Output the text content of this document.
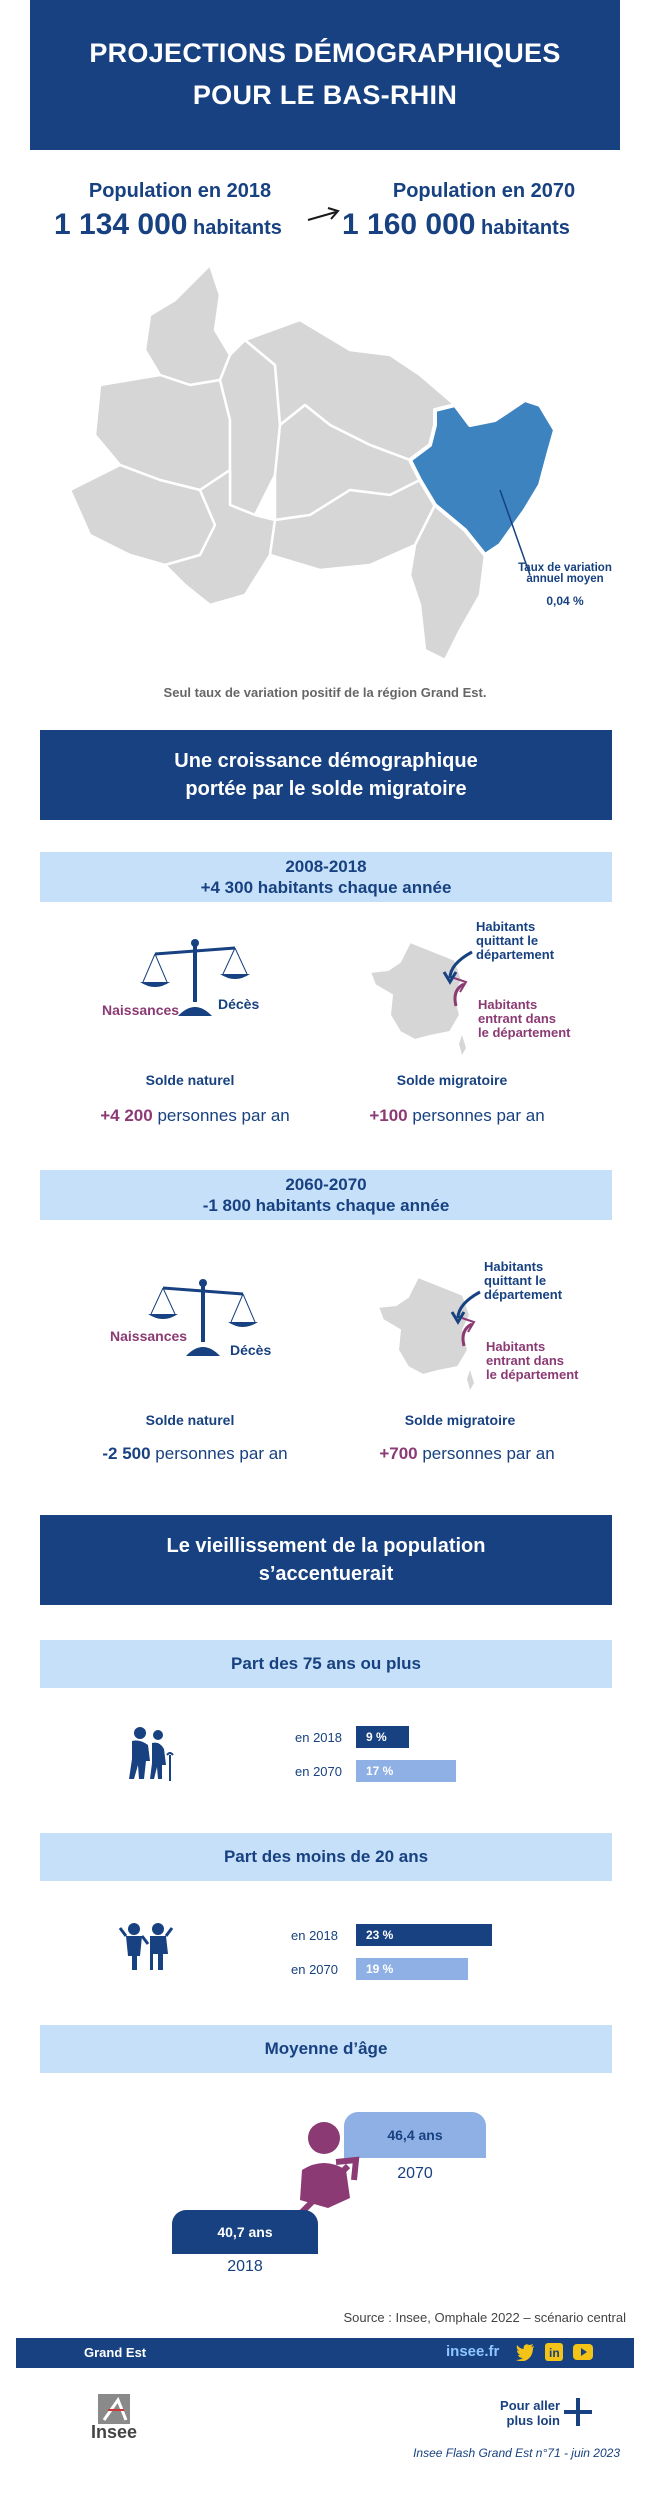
PROJECTIONS DÉMOGRAPHIQUES
POUR LE BAS-RHIN
Population en 2018
1 134 000 habitants
Population en 2070
1 160 000 habitants
Taux de variation
annuel moyen
0,04 %
Seul taux de variation positif de la région Grand Est.
Une croissance démographique
portée par le solde migratoire
2008-2018
+4 300 habitants chaque année
Naissances	Décès
Habitants
quittant le
département
Habitants
entrant dans
le département
Solde naturel	Solde migratoire
+4 200 personnes par an	+100 personnes par an
2060-2070
-1 800 habitants chaque année
Naissances
Décès
Habitants
quittant le
département
Habitants
entrant dans
le département
Solde naturel	Solde migratoire
-2 500 personnes par an	+700 personnes par an
Le vieillissement de la population
s’accentuerait
Part des 75 ans ou plus
en 2018	9 %
en 2070	17 %
Part des moins de 20 ans
en 2018	23 %
en 2070	19 %
Moyenne d’âge
46,4 ans
2070
40,7 ans
2018
Source : Insee, Omphale 2022 – scénario central
Grand Est	insee.fr	in
Insee
Pour aller
plus loin
Insee Flash Grand Est n°71 - juin 2023
